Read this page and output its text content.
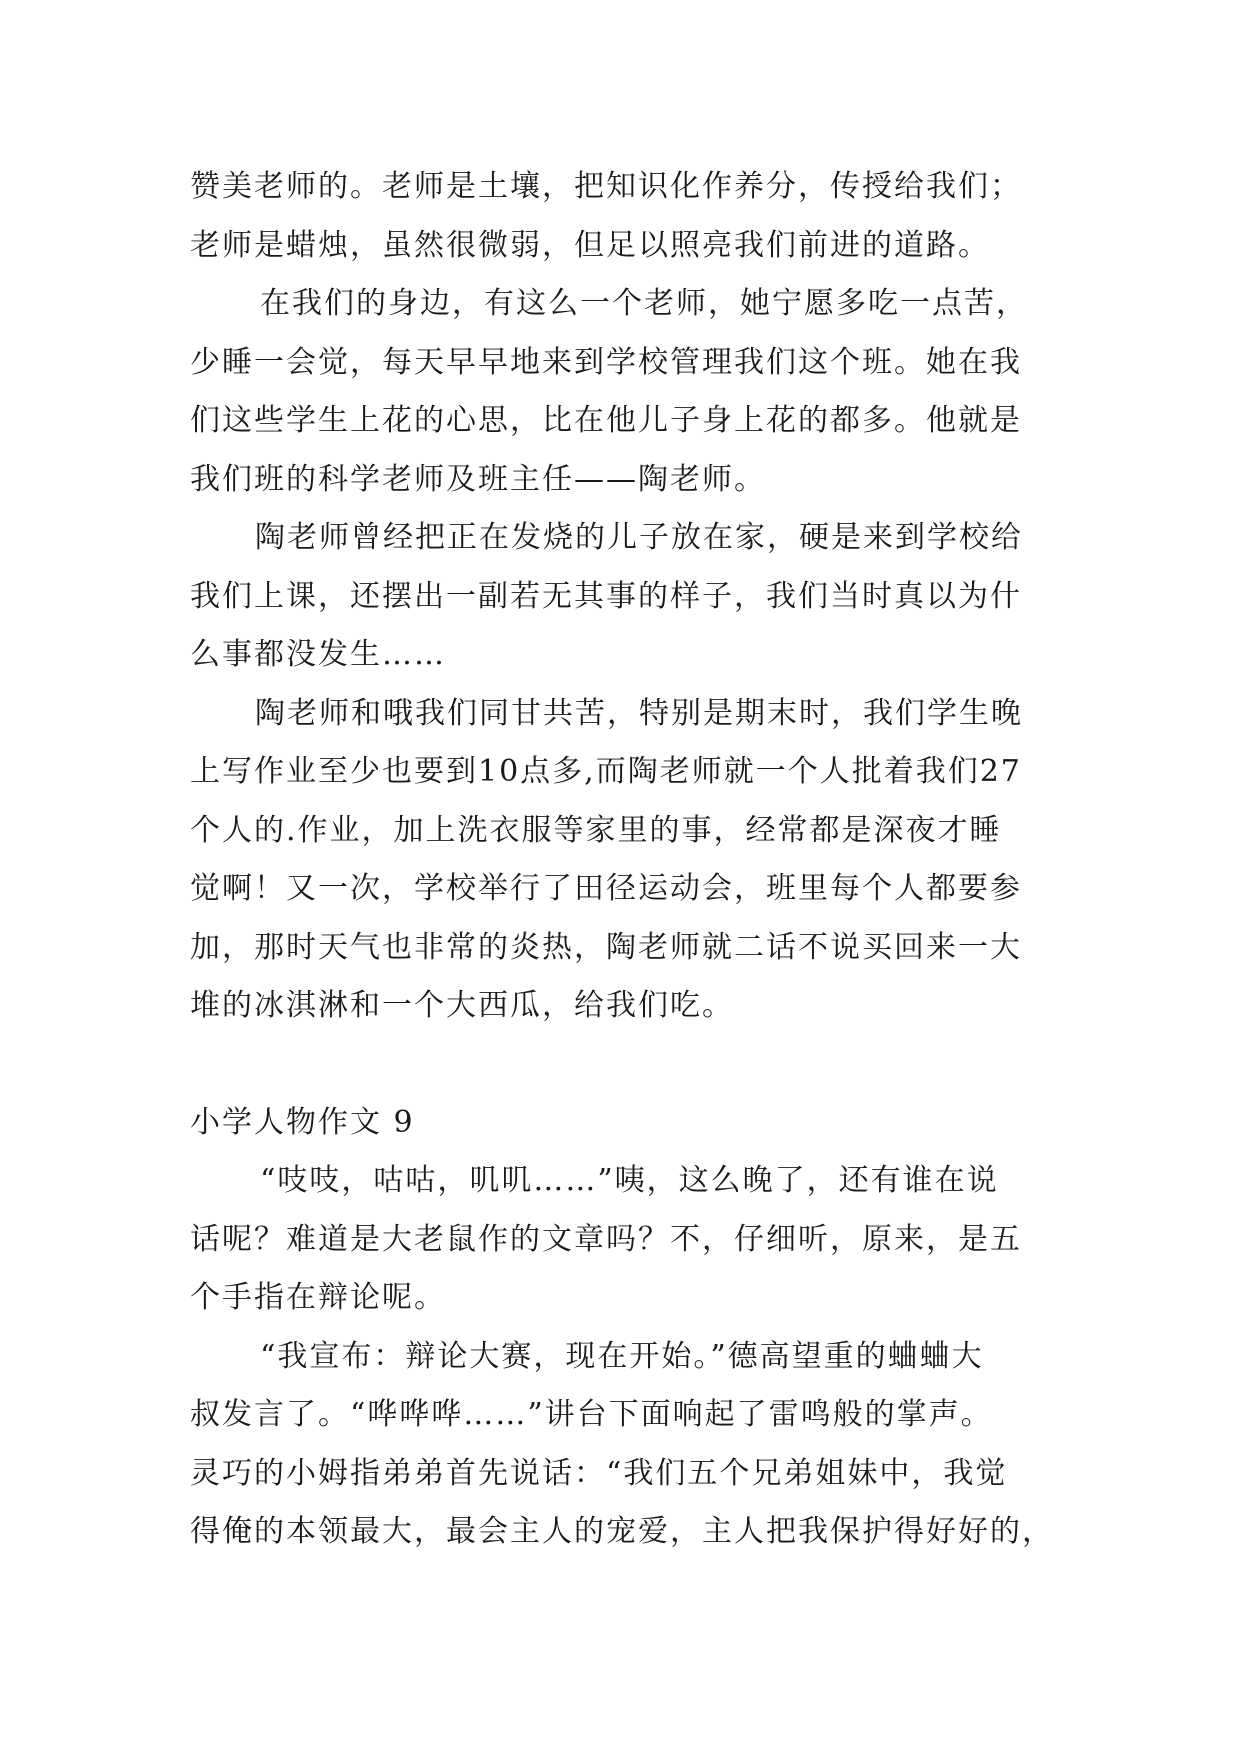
赞美老师的。老师是土壤，把知识化作养分，传授给我们；
老师是蜡烛，虽然很微弱，但足以照亮我们前进的道路。
在我们的身边，有这么一个老师，她宁愿多吃一点苦，
少睡一会觉，每天早早地来到学校管理我们这个班。她在我
们这些学生上花的心思，比在他儿子身上花的都多。他就是
我们班的科学老师及班主任——陶老师。
陶老师曾经把正在发烧的儿子放在家，硬是来到学校给
我们上课，还摆出一副若无其事的样子，我们当时真以为什
么事都没发生……
陶老师和哦我们同甘共苦，特别是期末时，我们学生晚
上写作业至少也要到10点多,而陶老师就一个人批着我们27
个人的.作业，加上洗衣服等家里的事，经常都是深夜才睡
觉啊！又一次，学校举行了田径运动会，班里每个人都要参
加，那时天气也非常的炎热，陶老师就二话不说买回来一大
堆的冰淇淋和一个大西瓜，给我们吃。
小学人物作文 9
“吱吱，咕咕，叽叽……”咦，这么晚了，还有谁在说
话呢？难道是大老鼠作的文章吗？不，仔细听，原来，是五
个手指在辩论呢。
“我宣布：辩论大赛，现在开始。”德高望重的蛐蛐大
叔发言了。“哗哗哗……”讲台下面响起了雷鸣般的掌声。
灵巧的小姆指弟弟首先说话：“我们五个兄弟姐妹中，我觉
得俺的本领最大，最会主人的宠爱，主人把我保护得好好的，
